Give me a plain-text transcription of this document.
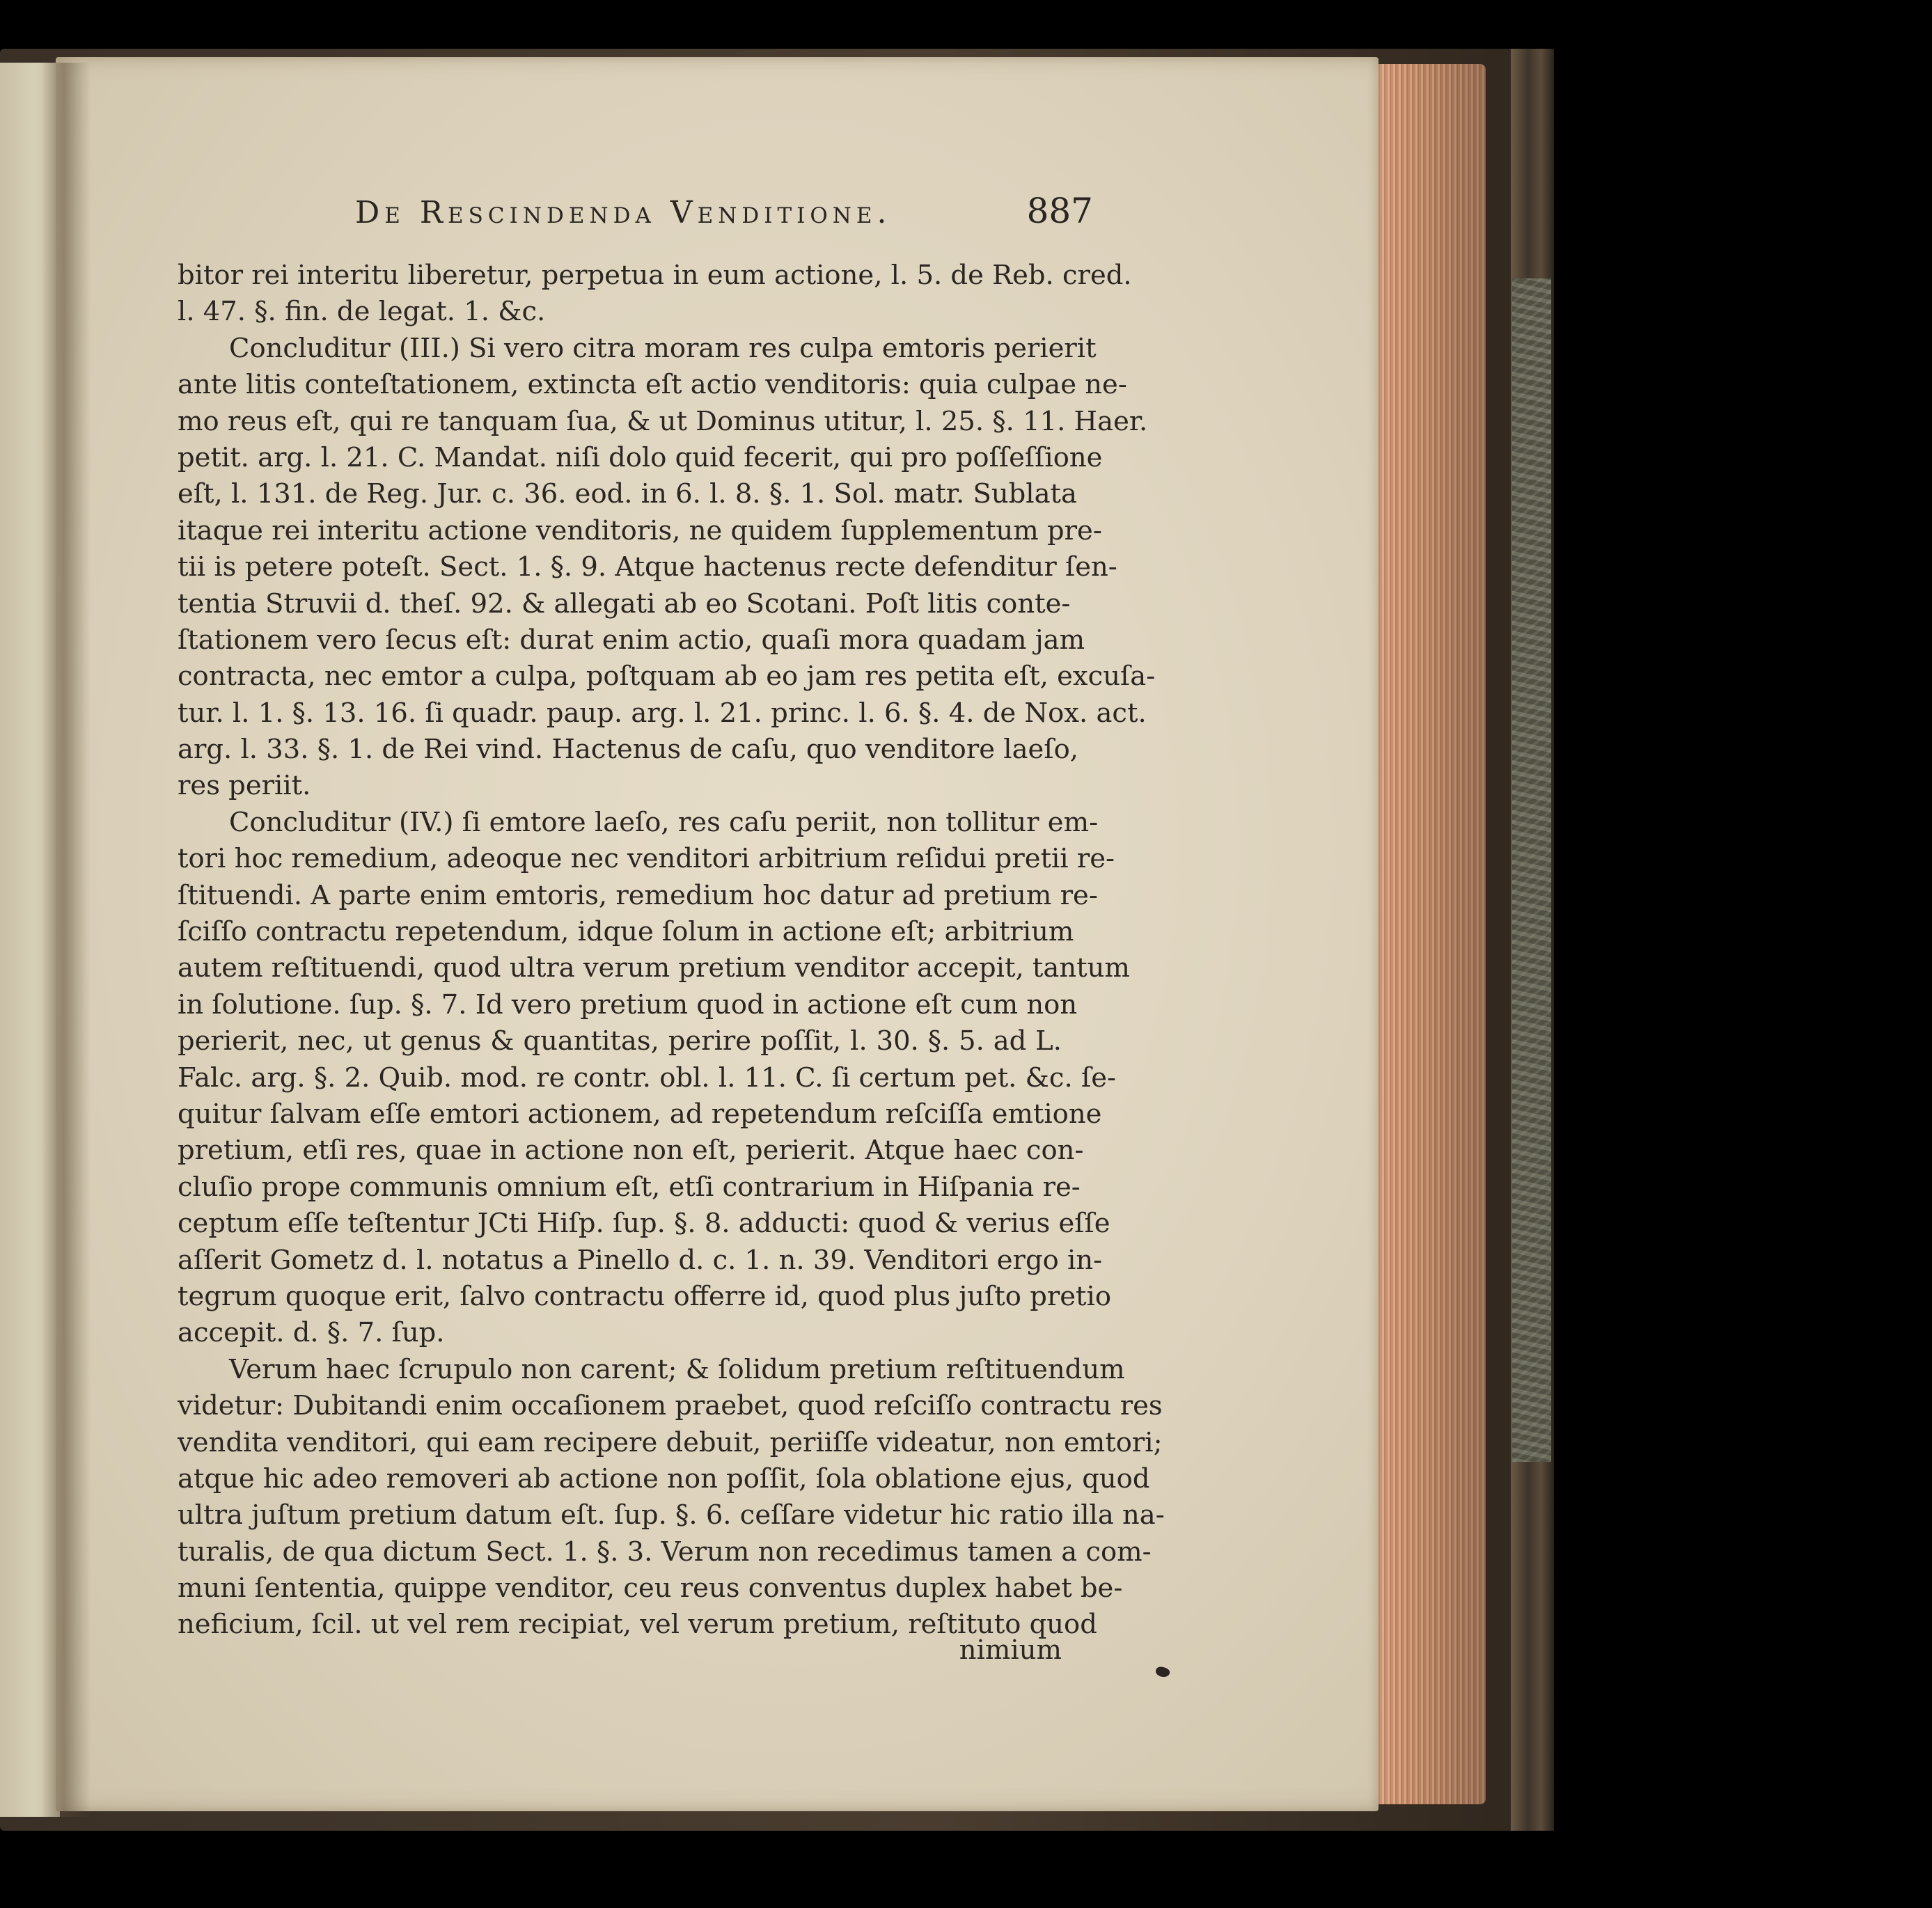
De Rescindenda Venditione.	887
bitor rei interitu liberetur, perpetua in eum actione, l. 5. de Reb. cred.
l. 47. §. fin. de legat. 1. &c.
Concluditur (III.) Si vero citra moram res culpa emtoris perierit
ante litis conteſtationem, extincta eſt actio venditoris: quia culpae ne-
mo reus eſt, qui re tanquam ſua, & ut Dominus utitur, l. 25. §. 11. Haer.
petit. arg. l. 21. C. Mandat. niſi dolo quid fecerit, qui pro poſſeſſione
eſt, l. 131. de Reg. Jur. c. 36. eod. in 6. l. 8. §. 1. Sol. matr. Sublata
itaque rei interitu actione venditoris, ne quidem ſupplementum pre-
tii is petere poteſt. Sect. 1. §. 9. Atque hactenus recte defenditur ſen-
tentia Struvii d. theſ. 92. & allegati ab eo Scotani. Poſt litis conte-
ſtationem vero ſecus eſt: durat enim actio, quaſi mora quadam jam
contracta, nec emtor a culpa, poſtquam ab eo jam res petita eſt, excuſa-
tur. l. 1. §. 13. 16. ſi quadr. paup. arg. l. 21. princ. l. 6. §. 4. de Nox. act.
arg. l. 33. §. 1. de Rei vind. Hactenus de caſu, quo venditore laeſo,
res periit.
Concluditur (IV.) ſi emtore laeſo, res caſu periit, non tollitur em-
tori hoc remedium, adeoque nec venditori arbitrium reſidui pretii re-
ſtituendi. A parte enim emtoris, remedium hoc datur ad pretium re-
ſciſſo contractu repetendum, idque ſolum in actione eſt; arbitrium
autem reſtituendi, quod ultra verum pretium venditor accepit, tantum
in ſolutione. ſup. §. 7. Id vero pretium quod in actione eſt cum non
perierit, nec, ut genus & quantitas, perire poſſit, l. 30. §. 5. ad L.
Falc. arg. §. 2. Quib. mod. re contr. obl. l. 11. C. ſi certum pet. &c. ſe-
quitur ſalvam eſſe emtori actionem, ad repetendum reſciſſa emtione
pretium, etſi res, quae in actione non eſt, perierit. Atque haec con-
cluſio prope communis omnium eſt, etſi contrarium in Hiſpania re-
ceptum eſſe teſtentur JCti Hiſp. ſup. §. 8. adducti: quod & verius eſſe
aſſerit Gometz d. l. notatus a Pinello d. c. 1. n. 39. Venditori ergo in-
tegrum quoque erit, ſalvo contractu offerre id, quod plus juſto pretio
accepit. d. §. 7. ſup.
Verum haec ſcrupulo non carent; & ſolidum pretium reſtituendum
videtur: Dubitandi enim occaſionem praebet, quod reſciſſo contractu res
vendita venditori, qui eam recipere debuit, periiſſe videatur, non emtori;
atque hic adeo removeri ab actione non poſſit, ſola oblatione ejus, quod
ultra juſtum pretium datum eſt. ſup. §. 6. ceſſare videtur hic ratio illa na-
turalis, de qua dictum Sect. 1. §. 3. Verum non recedimus tamen a com-
muni ſententia, quippe venditor, ceu reus conventus duplex habet be-
neficium, ſcil. ut vel rem recipiat, vel verum pretium, reſtituto quod
nimium
